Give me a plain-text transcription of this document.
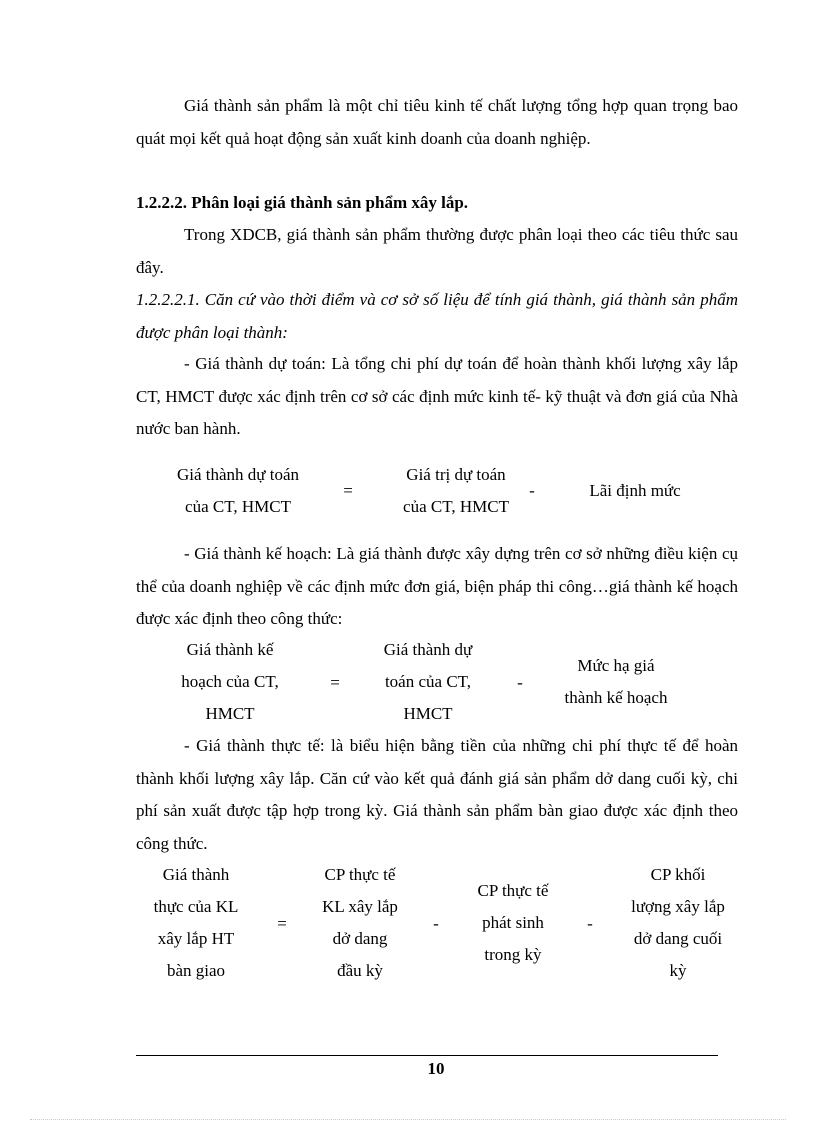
Giá thành sản phẩm là một chỉ tiêu kinh tế chất lượng tổng hợp quan trọng bao quát mọi kết quả hoạt động sản xuất kinh doanh của doanh nghiệp.

1.2.2.2. Phân loại giá thành sản phẩm xây lắp.

Trong XDCB, giá thành sản phẩm thường được phân loại theo các tiêu thức sau đây.

1.2.2.2.1. Căn cứ vào thời điểm và cơ sở số liệu để tính giá thành, giá thành sản phẩm được phân loại thành:

- Giá thành dự toán: Là tổng chi phí dự toán để hoàn thành khối lượng xây lắp CT, HMCT được xác định trên cơ sở các định mức kinh tế- kỹ thuật và đơn giá của Nhà nước ban hành.

Giá thành dự toán
của CT, HMCT
=
Giá trị dự toán
của CT, HMCT
-	Lãi định mức

- Giá thành kế hoạch: Là giá thành được xây dựng trên cơ sở những điều kiện cụ thể của doanh nghiệp về các định mức đơn giá, biện pháp thi công…giá thành kế hoạch được xác định theo công thức:

Giá thành kế
hoạch của CT,
HMCT
=
Giá thành dự
toán của CT,
HMCT
-
Mức hạ giá
thành kế hoạch

- Giá thành thực tế: là biểu hiện bằng tiền của những chi phí thực tế để hoàn thành khối lượng xây lắp. Căn cứ vào kết quả đánh giá sản phẩm dở dang cuối kỳ, chi phí sản xuất được tập hợp trong kỳ. Giá thành sản phẩm bàn giao được xác định theo công thức.

Giá thành
thực của KL
xây lắp HT
bàn giao
=
CP thực tế
KL xây lắp
dở dang
đầu kỳ
-
CP thực tế
phát sinh
trong kỳ
-
CP khối
lượng xây lắp
dở dang cuối
kỳ
10
